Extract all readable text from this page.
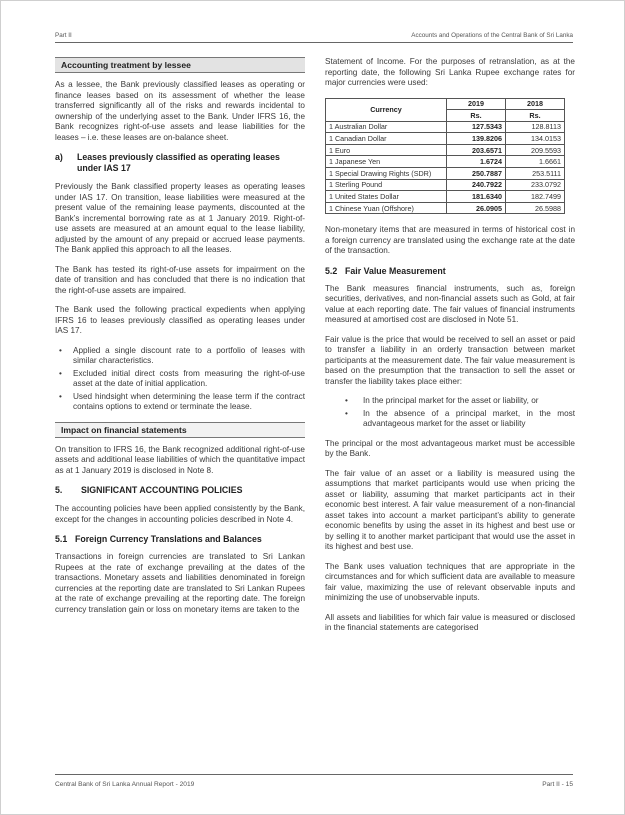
Part II	Accounts and Operations of the Central Bank of Sri Lanka
Accounting treatment by lessee

As a lessee, the Bank previously classified leases as operating or finance leases based on its assessment of whether the lease transferred significantly all of the risks and rewards incidental to ownership of the underlying asset to the Bank. Under IFRS 16, the Bank recognizes right-of-use assets and lease liabilities for the leases – i.e. these leases are on-balance sheet.

a)	Leases previously classified as operating leases under IAS 17

Previously the Bank classified property leases as operating leases under IAS 17. On transition, lease liabilities were measured at the present value of the remaining lease payments, discounted at the Bank’s incremental borrowing rate as at 1 January 2019. Right-of-use assets are measured at an amount equal to the lease liability, adjusted by the amount of any prepaid or accrued lease payments. The Bank applied this approach to all the leases.

The Bank has tested its right-of-use assets for impairment on the date of transition and has concluded that there is no indication that the right-of-use assets are impaired.

The Bank used the following practical expedients when applying IFRS 16 to leases previously classified as operating leases under IAS 17.

•	Applied a single discount rate to a portfolio of leases with similar characteristics.
•	Excluded initial direct costs from measuring the right-of-use asset at the date of initial application.
•	Used hindsight when determining the lease term if the contract contains options to extend or terminate the lease.
Impact on financial statements

On transition to IFRS 16, the Bank recognized additional right-of-use assets and additional lease liabilities of which the quantitative impact as at 1 January 2019 is disclosed in Note 8.

5.	SIGNIFICANT ACCOUNTING POLICIES

The accounting policies have been applied consistently by the Bank, except for the changes in accounting policies described in Note 4.

5.1 Foreign Currency Translations and Balances

Transactions in foreign currencies are translated to Sri Lankan Rupees at the rate of exchange prevailing at the dates of the transactions. Monetary assets and liabilities denominated in foreign currencies at the reporting date are translated to Sri Lankan Rupees at the rate of exchange prevailing at the reporting date. The foreign currency translation gain or loss on monetary items are taken to the

Statement of Income. For the purposes of retranslation, as at the reporting date, the following Sri Lanka Rupee exchange rates for major currencies were used:

Currency	2019	2018
	Rs.	Rs.
1 Australian Dollar	127.5343	128.8113
1 Canadian Dollar	139.8206	134.0153
1 Euro	203.6571	209.5593
1 Japanese Yen	1.6724	1.6661
1 Special Drawing Rights (SDR)	250.7887	253.5111
1 Sterling Pound	240.7922	233.0792
1 United States Dollar	181.6340	182.7499
1 Chinese Yuan (Offshore)	26.0905	26.5988

Non-monetary items that are measured in terms of historical cost in a foreign currency are translated using the exchange rate at the date of the transaction.

5.2 Fair Value Measurement

The Bank measures financial instruments, such as, foreign securities, derivatives, and non-financial assets such as Gold, at fair value at each reporting date. The fair values of financial instruments measured at amortised cost are disclosed in Note 51.

Fair value is the price that would be received to sell an asset or paid to transfer a liability in an orderly transaction between market participants at the measurement date. The fair value measurement is based on the presumption that the transaction to sell the asset or transfer the liability takes place either:

•	In the principal market for the asset or liability, or
•	In the absence of a principal market, in the most advantageous market for the asset or liability

The principal or the most advantageous market must be accessible by the Bank.

The fair value of an asset or a liability is measured using the assumptions that market participants would use when pricing the asset or liability, assuming that market participants act in their economic best interest. A fair value measurement of a non-financial asset takes into account a market participant’s ability to generate economic benefits by using the asset in its highest and best use or by selling it to another market participant that would use the asset in its highest and best use.

The Bank uses valuation techniques that are appropriate in the circumstances and for which sufficient data are available to measure fair value, maximizing the use of relevant observable inputs and minimizing the use of unobservable inputs.

All assets and liabilities for which fair value is measured or disclosed in the financial statements are categorised

Central Bank of Sri Lanka Annual Report - 2019	Part II - 15
